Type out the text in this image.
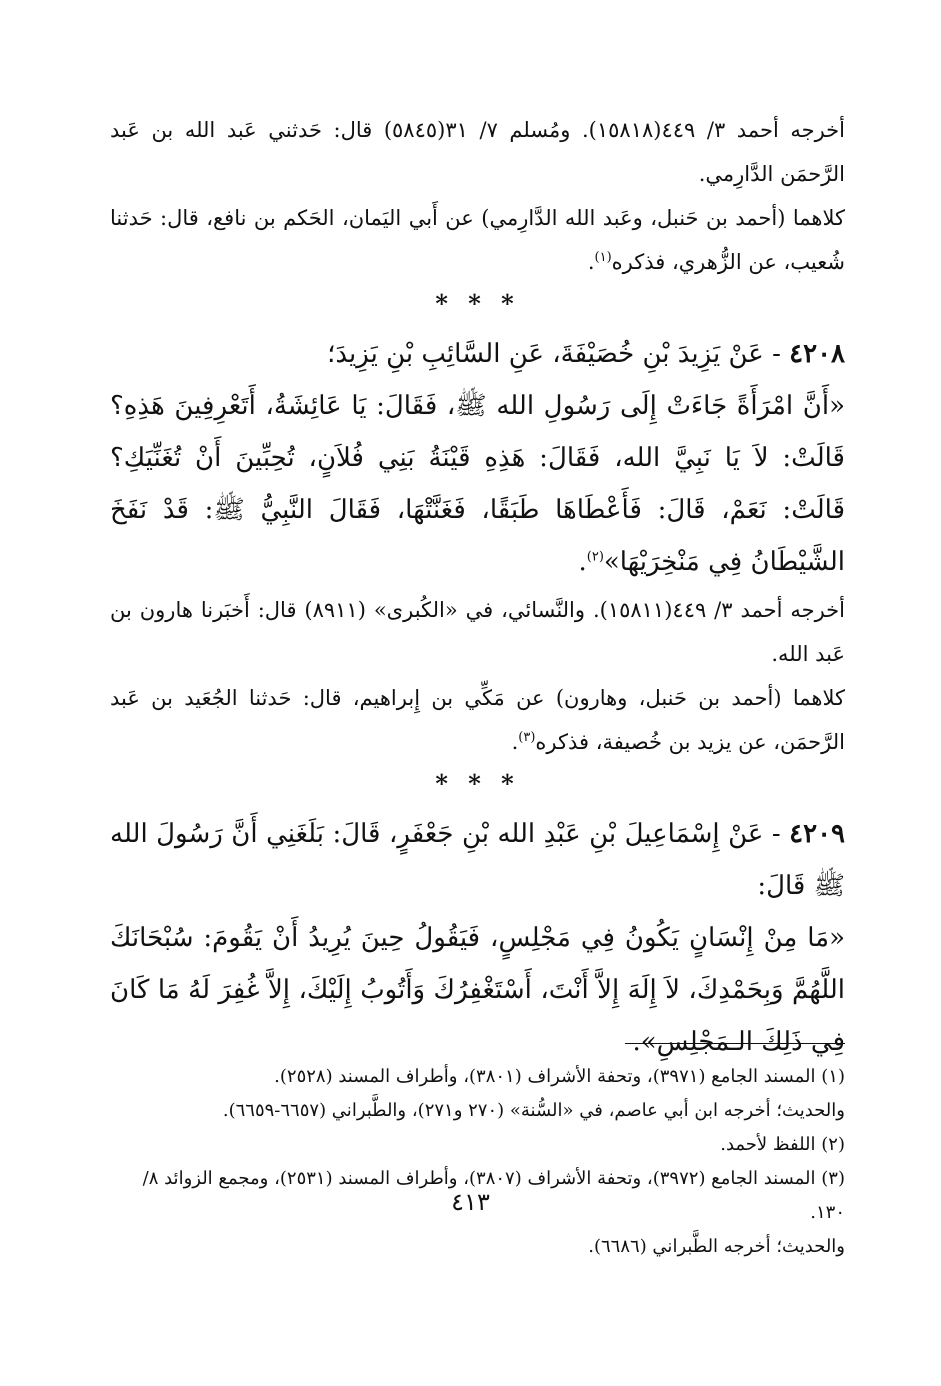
أخرجه أحمد ٣/ ٤٤٩(١٥٨١٨). ومُسلم ٧/ ٣١(٥٨٤٥) قال: حَدثني عَبد الله بن عَبد الرَّحمَن الدَّارِمي.

كلاهما (أحمد بن حَنبل، وعَبد الله الدَّارِمي) عن أَبي اليَمان، الحَكم بن نافع، قال: حَدثنا شُعيب، عن الزُّهري، فذكره$^{(١)}$.

* * *

٤٢٠٨ - عَنْ يَزِيدَ بْنِ خُصَيْفَةَ، عَنِ السَّائِبِ بْنِ يَزِيدَ؛

«أَنَّ امْرَأَةً جَاءَتْ إِلَى رَسُولِ الله ﷺ، فَقَالَ: يَا عَائِشَةُ، أَتَعْرِفِينَ هَذِهِ؟ قَالَتْ: لاَ يَا نَبِيَّ الله، فَقَالَ: هَذِهِ قَيْنَةُ بَنِي فُلاَنٍ، تُحِبِّينَ أَنْ تُغَنِّيَكِ؟ قَالَتْ: نَعَمْ، قَالَ: فَأَعْطَاهَا طَبَقًا، فَغَنَّتْهَا، فَقَالَ النَّبِيُّ ﷺ: قَدْ نَفَخَ الشَّيْطَانُ فِي مَنْخِرَيْهَا»$^{(٢)}$.

أخرجه أحمد ٣/ ٤٤٩(١٥٨١١). والنَّسائي، في «الكُبرى» (٨٩١١) قال: أَخبَرنا هارون بن عَبد الله.

كلاهما (أحمد بن حَنبل، وهارون) عن مَكِّي بن إِبراهيم، قال: حَدثنا الجُعَيد بن عَبد الرَّحمَن، عن يزيد بن خُصيفة، فذكره$^{(٣)}$.

* * *

٤٢٠٩ - عَنْ إِسْمَاعِيلَ بْنِ عَبْدِ الله بْنِ جَعْفَرٍ، قَالَ: بَلَغَنِي أَنَّ رَسُولَ الله ﷺ قَالَ:

«مَا مِنْ إِنْسَانٍ يَكُونُ فِي مَجْلِسٍ، فَيَقُولُ حِينَ يُرِيدُ أَنْ يَقُومَ: سُبْحَانَكَ اللَّهُمَّ وَبِحَمْدِكَ، لاَ إِلَهَ إِلاَّ أَنْتَ، أَسْتَغْفِرُكَ وَأَتُوبُ إِلَيْكَ، إِلاَّ غُفِرَ لَهُ مَا كَانَ فِي ذَلِكَ الـمَجْلِسِ».

(١) المسند الجامع (٣٩٧١)، وتحفة الأشراف (٣٨٠١)، وأطراف المسند (٢٥٢٨).

والحديث؛ أخرجه ابن أبي عاصم، في «السُّنة» (٢٧٠ و٢٧١)، والطَّبراني (٦٦٥٧-٦٦٥٩).

(٢) اللفظ لأحمد.

(٣) المسند الجامع (٣٩٧٢)، وتحفة الأشراف (٣٨٠٧)، وأطراف المسند (٢٥٣١)، ومجمع الزوائد ٨/ ١٣٠.

والحديث؛ أخرجه الطَّبراني (٦٦٨٦).

٤١٣
